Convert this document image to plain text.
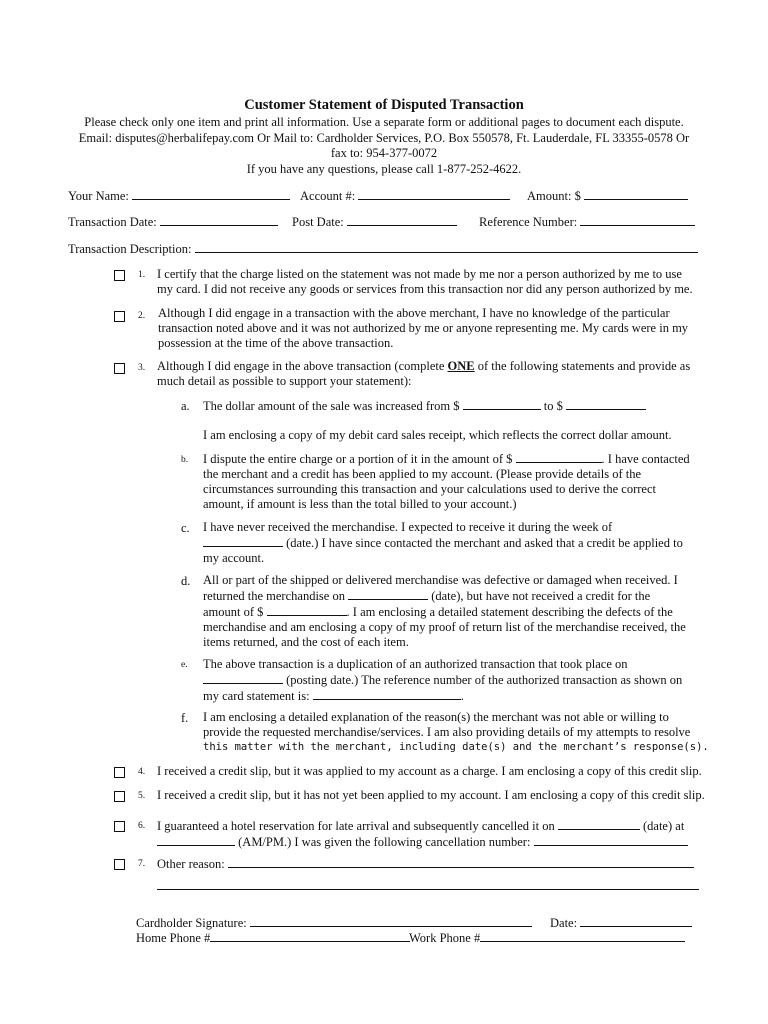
Customer Statement of Disputed Transaction
Please check only one item and print all information. Use a separate form or additional pages to document each dispute.
Email: disputes@herbalifepay.com Or Mail to: Cardholder Services, P.O. Box 550578, Ft. Lauderdale, FL 33355-0578 Or
fax to: 954-377-0072
If you have any questions, please call 1-877-252-4622.
Your Name:	Account #:	Amount: $
Transaction Date:	Post Date:	Reference Number:
Transaction Description:
1. I certify that the charge listed on the statement was not made by me nor a person authorized by me to use
my card. I did not receive any goods or services from this transaction nor did any person authorized by me.
2. Although I did engage in a transaction with the above merchant, I have no knowledge of the particular
transaction noted above and it was not authorized by me or anyone representing me. My cards were in my
possession at the time of the above transaction.
3. Although I did engage in the above transaction (complete ONE of the following statements and provide as
much detail as possible to support your statement):
a. The dollar amount of the sale was increased from $	to $
I am enclosing a copy of my debit card sales receipt, which reflects the correct dollar amount.
b. I dispute the entire charge or a portion of it in the amount of $	. I have contacted
the merchant and a credit has been applied to my account. (Please provide details of the
circumstances surrounding this transaction and your calculations used to derive the correct
amount, if amount is less than the total billed to your account.)
c. I have never received the merchandise. I expected to receive it during the week of
(date.) I have since contacted the merchant and asked that a credit be applied to
my account.
d. All or part of the shipped or delivered merchandise was defective or damaged when received. I
returned the merchandise on	(date), but have not received a credit for the
amount of $	. I am enclosing a detailed statement describing the defects of the
merchandise and am enclosing a copy of my proof of return list of the merchandise received, the
items returned, and the cost of each item.
e. The above transaction is a duplication of an authorized transaction that took place on
(posting date.) The reference number of the authorized transaction as shown on
my card statement is:	.
f. I am enclosing a detailed explanation of the reason(s) the merchant was not able or willing to
provide the requested merchandise/services. I am also providing details of my attempts to resolve
this matter with the merchant, including date(s) and the merchant’s response(s).
4. I received a credit slip, but it was applied to my account as a charge. I am enclosing a copy of this credit slip.
5. I received a credit slip, but it has not yet been applied to my account. I am enclosing a copy of this credit slip.
6. I guaranteed a hotel reservation for late arrival and subsequently cancelled it on	(date) at
(AM/PM.) I was given the following cancellation number:
7. Other reason:
Cardholder Signature:	Date:
Home Phone #	Work Phone #
